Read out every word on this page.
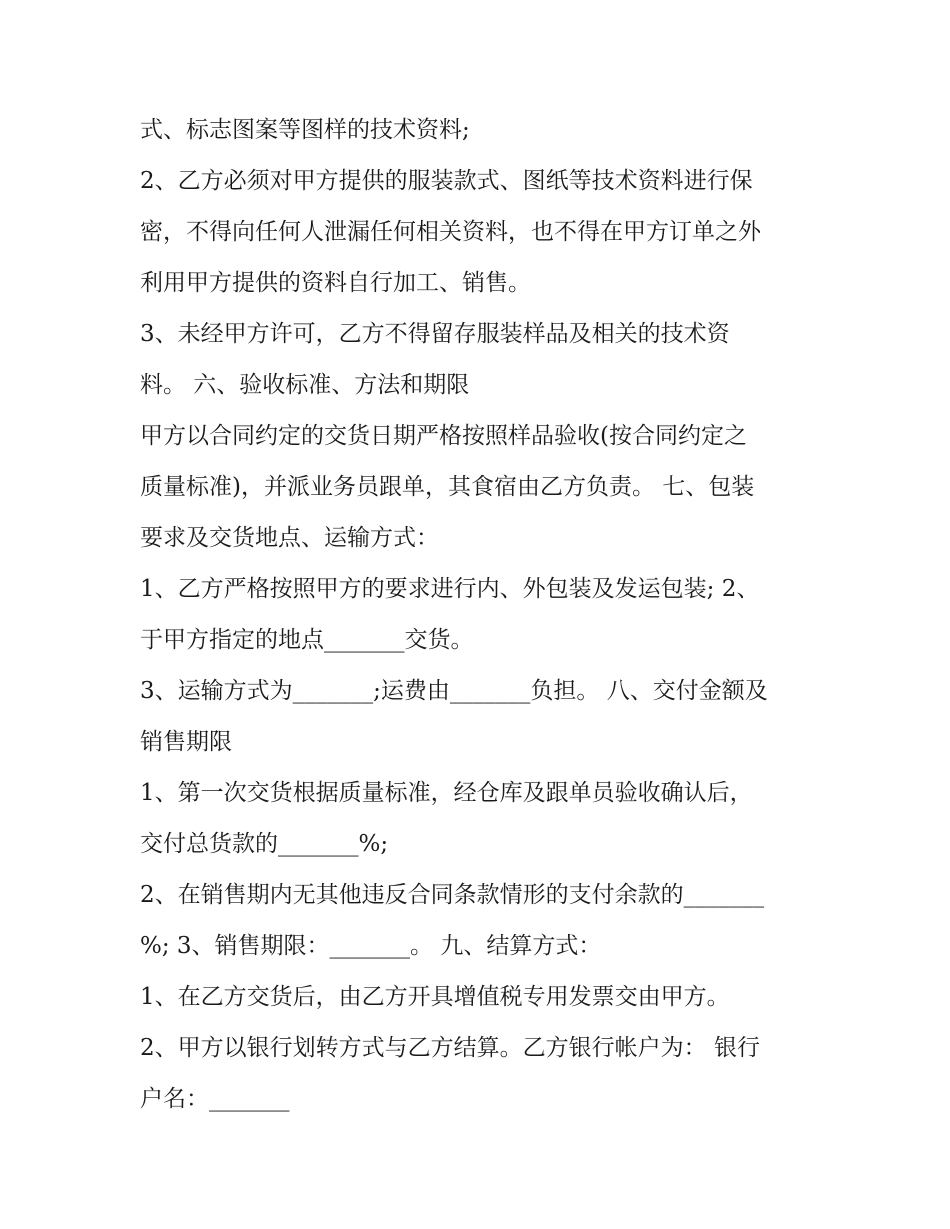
式、标志图案等图样的技术资料;
2、乙方必须对甲方提供的服装款式、图纸等技术资料进行保
密，不得向任何人泄漏任何相关资料，也不得在甲方订单之外
利用甲方提供的资料自行加工、销售。
3、未经甲方许可，乙方不得留存服装样品及相关的技术资
料。 六、验收标准、方法和期限
甲方以合同约定的交货日期严格按照样品验收(按合同约定之
质量标准)，并派业务员跟单，其食宿由乙方负责。 七、包装
要求及交货地点、运输方式：
1、乙方严格按照甲方的要求进行内、外包装及发运包装; 2、
于甲方指定的地点_______交货。
3、运输方式为_______;运费由_______负担。 八、交付金额及
销售期限
1、第一次交货根据质量标准，经仓库及跟单员验收确认后，
交付总货款的_______%;
2、在销售期内无其他违反合同条款情形的支付余款的_______
%; 3、销售期限：_______。 九、结算方式：
1、在乙方交货后，由乙方开具增值税专用发票交由甲方。
2、甲方以银行划转方式与乙方结算。乙方银行帐户为： 银行
户名：_______
